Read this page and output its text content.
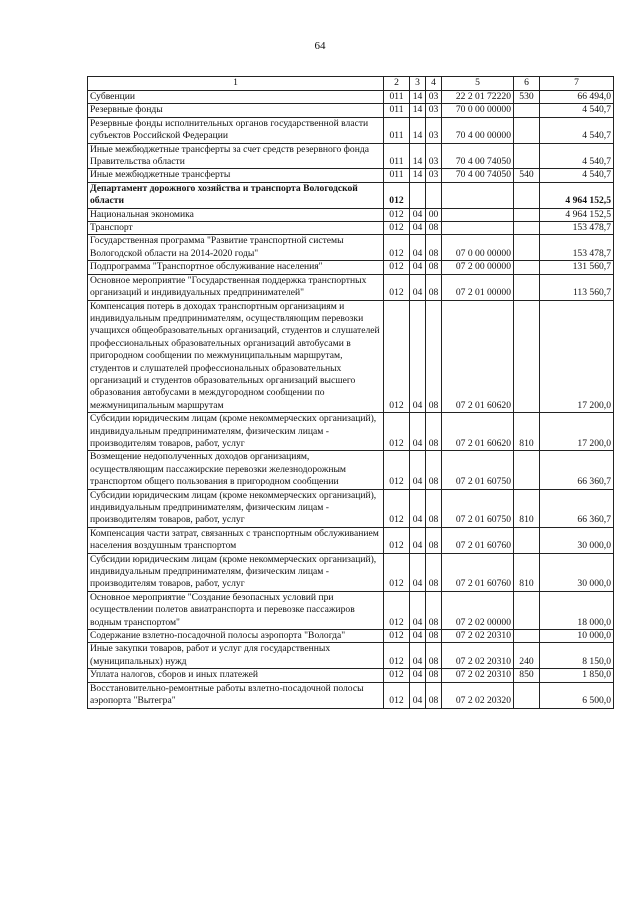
64
1	2	3	4	5	6	7
Субвенции	011	14	03	22 2 01 72220	530	66 494,0
Резервные фонды	011	14	03	70 0 00 00000		4 540,7
Резервные фонды исполнительных органов государственной власти субъектов Российской Федерации	011	14	03	70 4 00 00000		4 540,7
Иные межбюджетные трансферты за счет средств резервного фонда Правительства области	011	14	03	70 4 00 74050		4 540,7
Иные межбюджетные трансферты	011	14	03	70 4 00 74050	540	4 540,7
Департамент дорожного хозяйства и транспорта Вологодской области	012					4 964 152,5
Национальная экономика	012	04	00			4 964 152,5
Транспорт	012	04	08			153 478,7
Государственная программа "Развитие транспортной системы Вологодской области на 2014-2020 годы"	012	04	08	07 0 00 00000		153 478,7
Подпрограмма "Транспортное обслуживание населения"	012	04	08	07 2 00 00000		131 560,7
Основное мероприятие "Государственная поддержка транспортных организаций и индивидуальных предпринимателей"	012	04	08	07 2 01 00000		113 560,7
Компенсация потерь в доходах транспортным организациям и индивидуальным предпринимателям, осуществляющим перевозки учащихся общеобразовательных организаций, студентов и слушателей профессиональных образовательных организаций автобусами в пригородном сообщении по межмуниципальным маршрутам, студентов и слушателей профессиональных образовательных организаций и студентов образовательных организаций высшего образования автобусами в междугородном сообщении по межмуниципальным маршрутам	012	04	08	07 2 01 60620		17 200,0
Субсидии юридическим лицам (кроме некоммерческих организаций), индивидуальным предпринимателям, физическим лицам - производителям товаров, работ, услуг	012	04	08	07 2 01 60620	810	17 200,0
Возмещение недополученных доходов организациям, осуществляющим пассажирские перевозки железнодорожным транспортом общего пользования в пригородном сообщении	012	04	08	07 2 01 60750		66 360,7
Субсидии юридическим лицам (кроме некоммерческих организаций), индивидуальным предпринимателям, физическим лицам - производителям товаров, работ, услуг	012	04	08	07 2 01 60750	810	66 360,7
Компенсация части затрат, связанных с транспортным обслуживанием населения воздушным транспортом	012	04	08	07 2 01 60760		30 000,0
Субсидии юридическим лицам (кроме некоммерческих организаций), индивидуальным предпринимателям, физическим лицам - производителям товаров, работ, услуг	012	04	08	07 2 01 60760	810	30 000,0
Основное мероприятие "Создание безопасных условий при осуществлении полетов авиатранспорта и перевозке пассажиров водным транспортом"	012	04	08	07 2 02 00000		18 000,0
Содержание взлетно-посадочной полосы аэропорта "Вологда"	012	04	08	07 2 02 20310		10 000,0
Иные закупки товаров, работ и услуг для государственных (муниципальных) нужд	012	04	08	07 2 02 20310	240	8 150,0
Уплата налогов, сборов и иных платежей	012	04	08	07 2 02 20310	850	1 850,0
Восстановительно-ремонтные работы взлетно-посадочной полосы аэропорта "Вытегра"	012	04	08	07 2 02 20320		6 500,0
